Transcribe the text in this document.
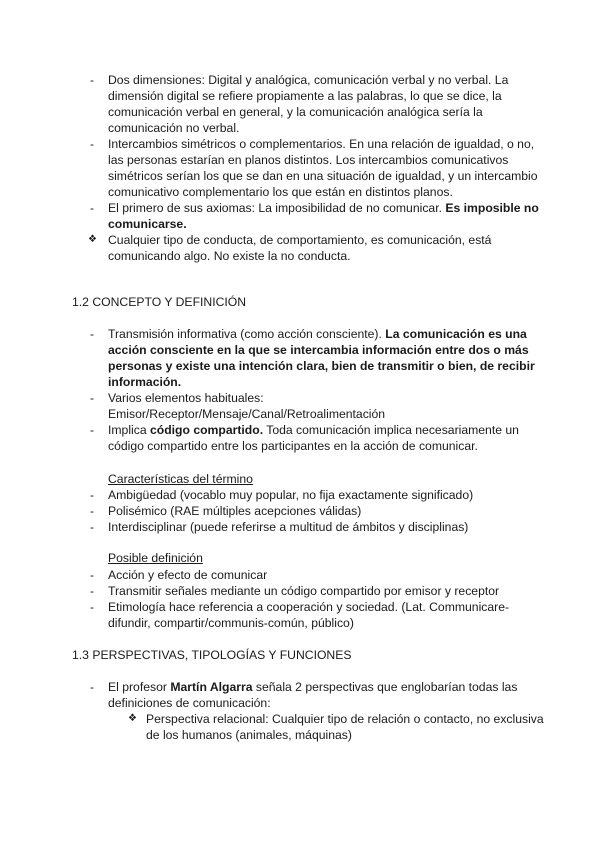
- Dos dimensiones: Digital y analógica, comunicación verbal y no verbal. La dimensión digital se refiere propiamente a las palabras, lo que se dice, la comunicación verbal en general, y la comunicación analógica sería la comunicación no verbal.
- Intercambios simétricos o complementarios. En una relación de igualdad, o no, las personas estarían en planos distintos. Los intercambios comunicativos simétricos serían los que se dan en una situación de igualdad, y un intercambio comunicativo complementario los que están en distintos planos.
- El primero de sus axiomas: La imposibilidad de no comunicar. Es imposible no comunicarse.
❖ Cualquier tipo de conducta, de comportamiento, es comunicación, está comunicando algo. No existe la no conducta.
1.2 CONCEPTO Y DEFINICIÓN
- Transmisión informativa (como acción consciente). La comunicación es una acción consciente en la que se intercambia información entre dos o más personas y existe una intención clara, bien de transmitir o bien, de recibir información.
- Varios elementos habituales: Emisor/Receptor/Mensaje/Canal/Retroalimentación
- Implica código compartido. Toda comunicación implica necesariamente un código compartido entre los participantes en la acción de comunicar.
Características del término
- Ambigüedad (vocablo muy popular, no fija exactamente significado)
- Polisémico (RAE múltiples acepciones válidas)
- Interdisciplinar (puede referirse a multitud de ámbitos y disciplinas)
Posible definición
- Acción y efecto de comunicar
- Transmitir señales mediante un código compartido por emisor y receptor
- Etimología hace referencia a cooperación y sociedad. (Lat. Communicare-difundir, compartir/communis-común, público)
1.3 PERSPECTIVAS, TIPOLOGÍAS Y FUNCIONES
- El profesor Martín Algarra señala 2 perspectivas que englobarían todas las definiciones de comunicación:
❖ Perspectiva relacional: Cualquier tipo de relación o contacto, no exclusiva de los humanos (animales, máquinas)
